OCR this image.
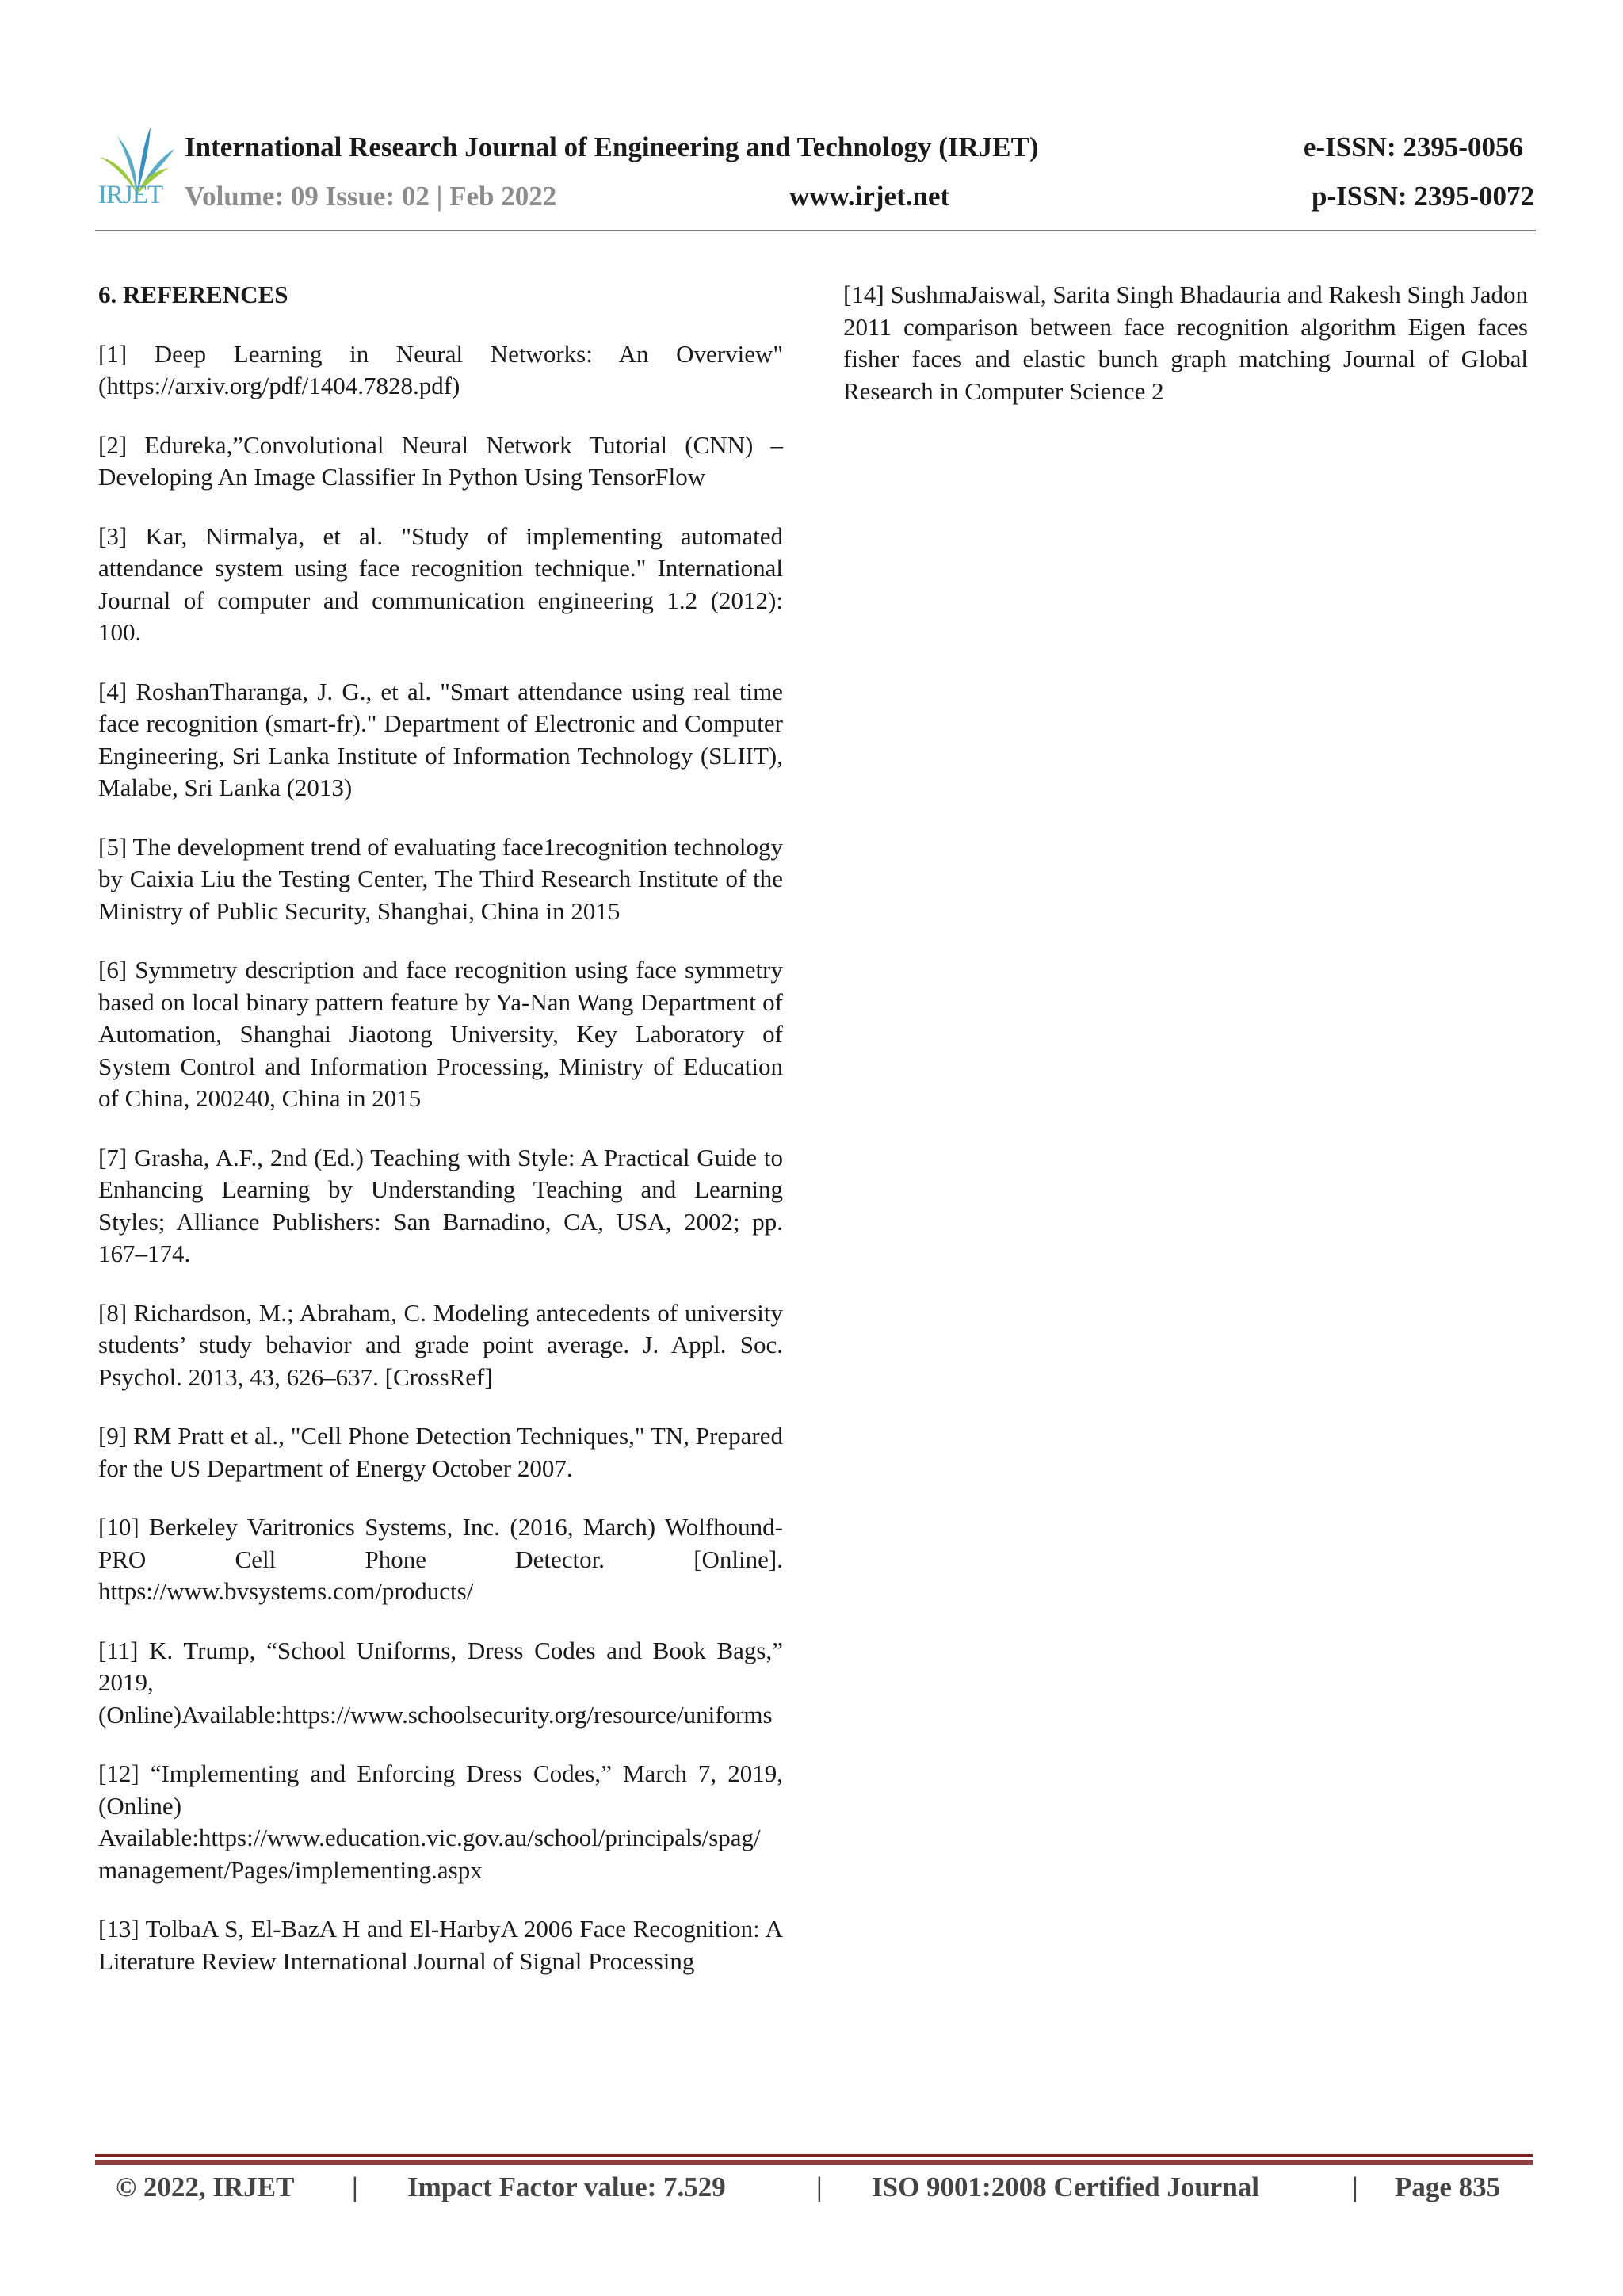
IRJET
International Research Journal of Engineering and Technology (IRJET)	e-ISSN: 2395-0056
Volume: 09 Issue: 02 | Feb 2022	www.irjet.net	p-ISSN: 2395-0072
6. REFERENCES
[1] Deep Learning in Neural Networks: An Overview" (https://arxiv.org/pdf/1404.7828.pdf)
[2] Edureka,”Convolutional Neural Network Tutorial (CNN) – Developing An Image Classifier In Python Using TensorFlow
[3] Kar, Nirmalya, et al. "Study of implementing automated attendance system using face recognition technique." International Journal of computer and communication engineering 1.2 (2012): 100.
[4] RoshanTharanga, J. G., et al. "Smart attendance using real time face recognition (smart-fr)." Department of Electronic and Computer Engineering, Sri Lanka Institute of Information Technology (SLIIT), Malabe, Sri Lanka (2013)
[5] The development trend of evaluating face1recognition technology by Caixia Liu the Testing Center, The Third Research Institute of the Ministry of Public Security, Shanghai, China in 2015
[6] Symmetry description and face recognition using face symmetry based on local binary pattern feature by Ya-Nan Wang Department of Automation, Shanghai Jiaotong University, Key Laboratory of System Control and Information Processing, Ministry of Education of China, 200240, China in 2015
[7] Grasha, A.F., 2nd (Ed.) Teaching with Style: A Practical Guide to Enhancing Learning by Understanding Teaching and Learning Styles; Alliance Publishers: San Barnadino, CA, USA, 2002; pp. 167–174.
[8] Richardson, M.; Abraham, C. Modeling antecedents of university students’ study behavior and grade point average. J. Appl. Soc. Psychol. 2013, 43, 626–637. [CrossRef]
[9] RM Pratt et al., "Cell Phone Detection Techniques," TN, Prepared for the US Department of Energy October 2007.
[10] Berkeley Varitronics Systems, Inc. (2016, March) Wolfhound-PRO Cell Phone Detector. [Online]. https://www.bvsystems.com/products/
[11] K. Trump, “School Uniforms, Dress Codes and Book Bags,” 2019, (Online)Available:https://www.schoolsecurity.org/resource/uniforms
[12] “Implementing and Enforcing Dress Codes,” March 7, 2019, (Online) Available:https://www.education.vic.gov.au/school/principals/spag/ management/Pages/implementing.aspx
[13] TolbaA S, El-BazA H and El-HarbyA 2006 Face Recognition: A Literature Review International Journal of Signal Processing
[14] SushmaJaiswal, Sarita Singh Bhadauria and Rakesh Singh Jadon 2011 comparison between face recognition algorithm Eigen faces fisher faces and elastic bunch graph matching Journal of Global Research in Computer Science 2
© 2022, IRJET | Impact Factor value: 7.529	| ISO 9001:2008 Certified Journal	| Page 835
